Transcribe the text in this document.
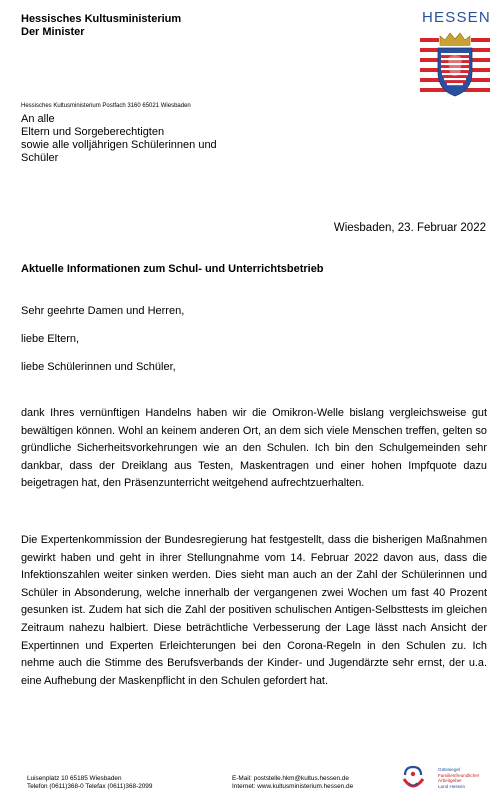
Hessisches Kultusministerium
Der Minister
HESSEN
Hessisches Kultusministerium Postfach 3160 65021 Wiesbaden
An alle
Eltern und Sorgeberechtigten
sowie alle volljährigen Schülerinnen und
Schüler
Wiesbaden, 23. Februar 2022
Aktuelle Informationen zum Schul- und Unterrichtsbetrieb
Sehr geehrte Damen und Herren,
liebe Eltern,
liebe Schülerinnen und Schüler,
dank Ihres vernünftigen Handelns haben wir die Omikron-Welle bislang vergleichsweise gut bewältigen können. Wohl an keinem anderen Ort, an dem sich viele Menschen treffen, gelten so gründliche Sicherheitsvorkehrungen wie an den Schulen. Ich bin den Schulgemeinden sehr dankbar, dass der Dreiklang aus Testen, Maskentragen und einer hohen Impfquote dazu beigetragen hat, den Präsenzunterricht weitgehend aufrechtzuerhalten.
Die Expertenkommission der Bundesregierung hat festgestellt, dass die bisherigen Maßnahmen gewirkt haben und geht in ihrer Stellungnahme vom 14. Februar 2022 davon aus, dass die Infektionszahlen weiter sinken werden. Dies sieht man auch an der Zahl der Schülerinnen und Schüler in Absonderung, welche innerhalb der vergangenen zwei Wochen um fast 40 Prozent gesunken ist. Zudem hat sich die Zahl der positiven schulischen Antigen-Selbsttests im gleichen Zeitraum nahezu halbiert. Diese beträchtliche Verbesserung der Lage lässt nach Ansicht der Expertinnen und Experten Erleichterungen bei den Corona-Regeln in den Schulen zu. Ich nehme auch die Stimme des Berufsverbands der Kinder- und Jugendärzte sehr ernst, der u.a. eine Aufhebung der Maskenpflicht in den Schulen gefordert hat.
Luisenplatz 10 65185 Wiesbaden
Telefon (0611)368-0 Telefax (0611)368-2099
E-Mail: poststelle.hkm@kultus.hessen.de
Internet: www.kultusministerium.hessen.de
Gütesiegel
Familienfreundlicher
Arbeitgeber
Land Hessen
